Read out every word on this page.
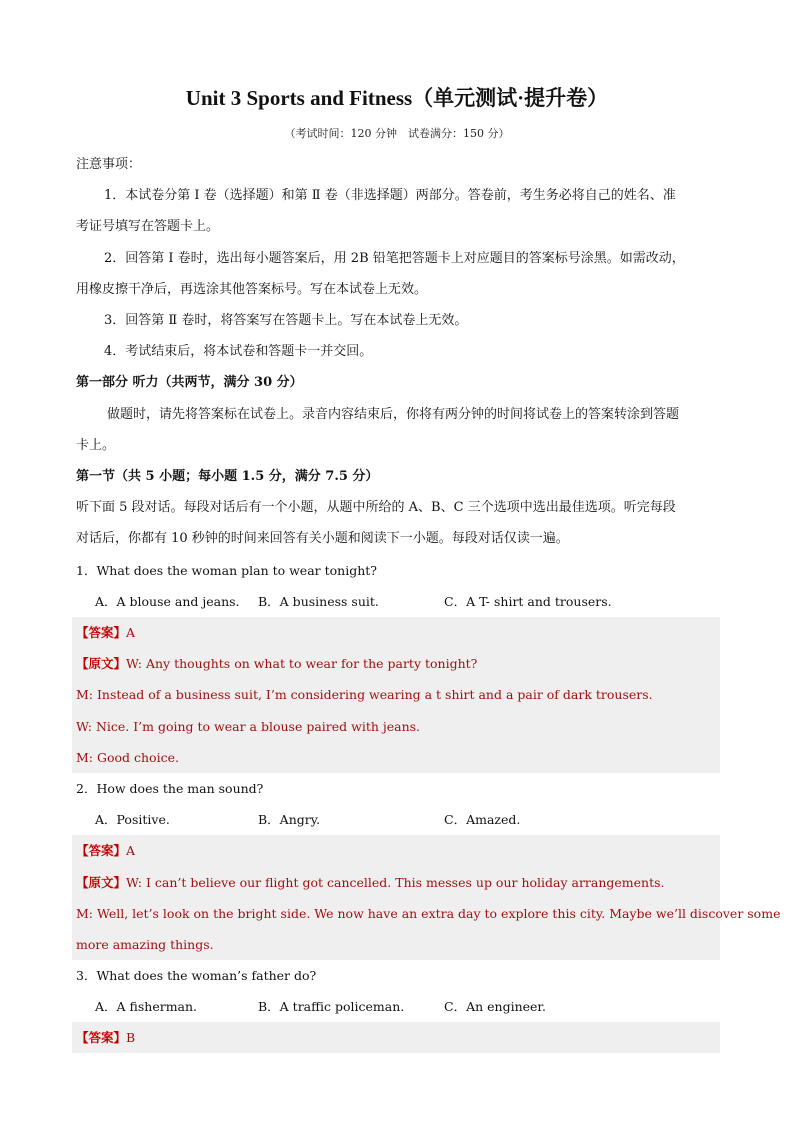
Unit 3 Sports and Fitness（单元测试·提升卷）
（考试时间：120 分钟　试卷满分：150 分）
注意事项：
1．本试卷分第 Ⅰ 卷（选择题）和第 Ⅱ 卷（非选择题）两部分。答卷前，考生务必将自己的姓名、准
考证号填写在答题卡上。
2．回答第 Ⅰ 卷时，选出每小题答案后，用 2B 铅笔把答题卡上对应题目的答案标号涂黑。如需改动，
用橡皮擦干净后，再选涂其他答案标号。写在本试卷上无效。
3．回答第 Ⅱ 卷时，将答案写在答题卡上。写在本试卷上无效。
4．考试结束后，将本试卷和答题卡一并交回。
第一部分 听力（共两节，满分 30 分）
做题时，请先将答案标在试卷上。录音内容结束后，你将有两分钟的时间将试卷上的答案转涂到答题
卡上。
第一节（共 5 小题；每小题 1.5 分，满分 7.5 分）
听下面 5 段对话。每段对话后有一个小题，从题中所给的 A、B、C 三个选项中选出最佳选项。听完每段
对话后，你都有 10 秒钟的时间来回答有关小题和阅读下一小题。每段对话仅读一遍。
1．What does the woman plan to wear tonight?
A．A blouse and jeans. B．A business suit.	C．A T- shirt and trousers.
【答案】A
【原文】W: Any thoughts on what to wear for the party tonight?
M: Instead of a business suit, I’m considering wearing a t shirt and a pair of dark trousers.
W: Nice. I’m going to wear a blouse paired with jeans.
M: Good choice.
2．How does the man sound?
A．Positive.	B．Angry.	C．Amazed.
【答案】A
【原文】W: I can’t believe our flight got cancelled. This messes up our holiday arrangements.
M: Well, let’s look on the bright side. We now have an extra day to explore this city. Maybe we’ll discover some
more amazing things.
3．What does the woman’s father do?
A．A fisherman.	B．A traffic policeman.	C．An engineer.
【答案】B
